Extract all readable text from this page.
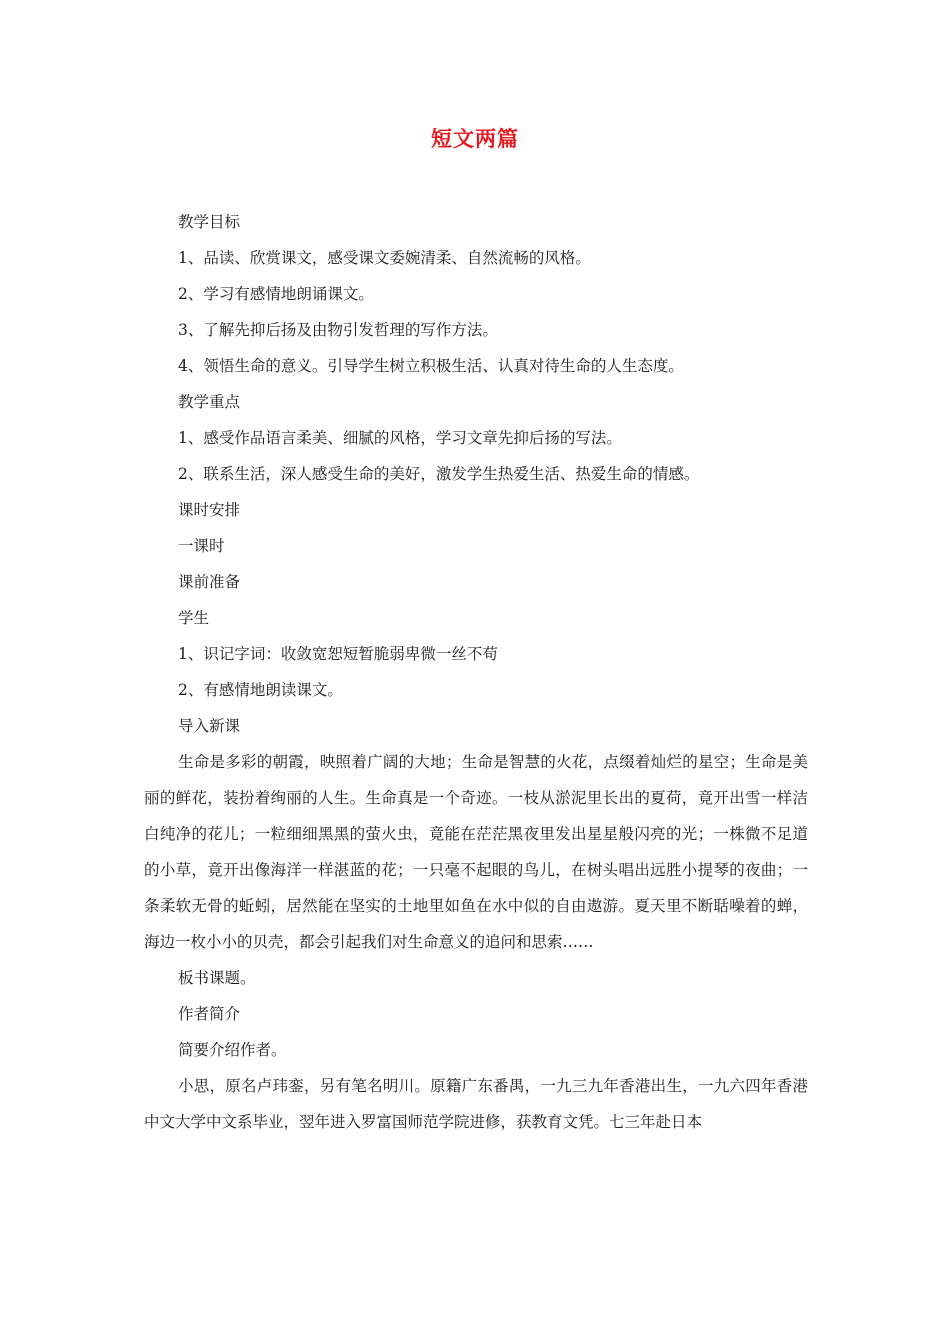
短文两篇
教学目标
1、品读、欣赏课文，感受课文委婉清柔、自然流畅的风格。
2、学习有感情地朗诵课文。
3、了解先抑后扬及由物引发哲理的写作方法。
4、领悟生命的意义。引导学生树立积极生活、认真对待生命的人生态度。
教学重点
1、感受作品语言柔美、细腻的风格，学习文章先抑后扬的写法。
2、联系生活，深人感受生命的美好，激发学生热爱生活、热爱生命的情感。
课时安排
一课时
课前准备
学生
1、识记字词：收敛宽恕短暂脆弱卑微一丝不苟
2、有感情地朗读课文。
导入新课

生命是多彩的朝霞，映照着广阔的大地；生命是智慧的火花，点缀着灿烂的星空；生命是美丽的鲜花，装扮着绚丽的人生。生命真是一个奇迹。一枝从淤泥里长出的夏荷，竟开出雪一样洁白纯净的花儿；一粒细细黑黑的萤火虫，竟能在茫茫黑夜里发出星星般闪亮的光；一株微不足道的小草，竟开出像海洋一样湛蓝的花；一只毫不起眼的鸟儿，在树头唱出远胜小提琴的夜曲；一条柔软无骨的蚯蚓，居然能在坚实的土地里如鱼在水中似的自由遨游。夏天里不断聒噪着的蝉，海边一枚小小的贝壳，都会引起我们对生命意义的追问和思索……

板书课题。
作者简介
简要介绍作者。

小思，原名卢玮銮，另有笔名明川。原籍广东番禺，一九三九年香港出生，一九六四年香港中文大学中文系毕业，翌年进入罗富国师范学院进修，获教育文凭。七三年赴日本
